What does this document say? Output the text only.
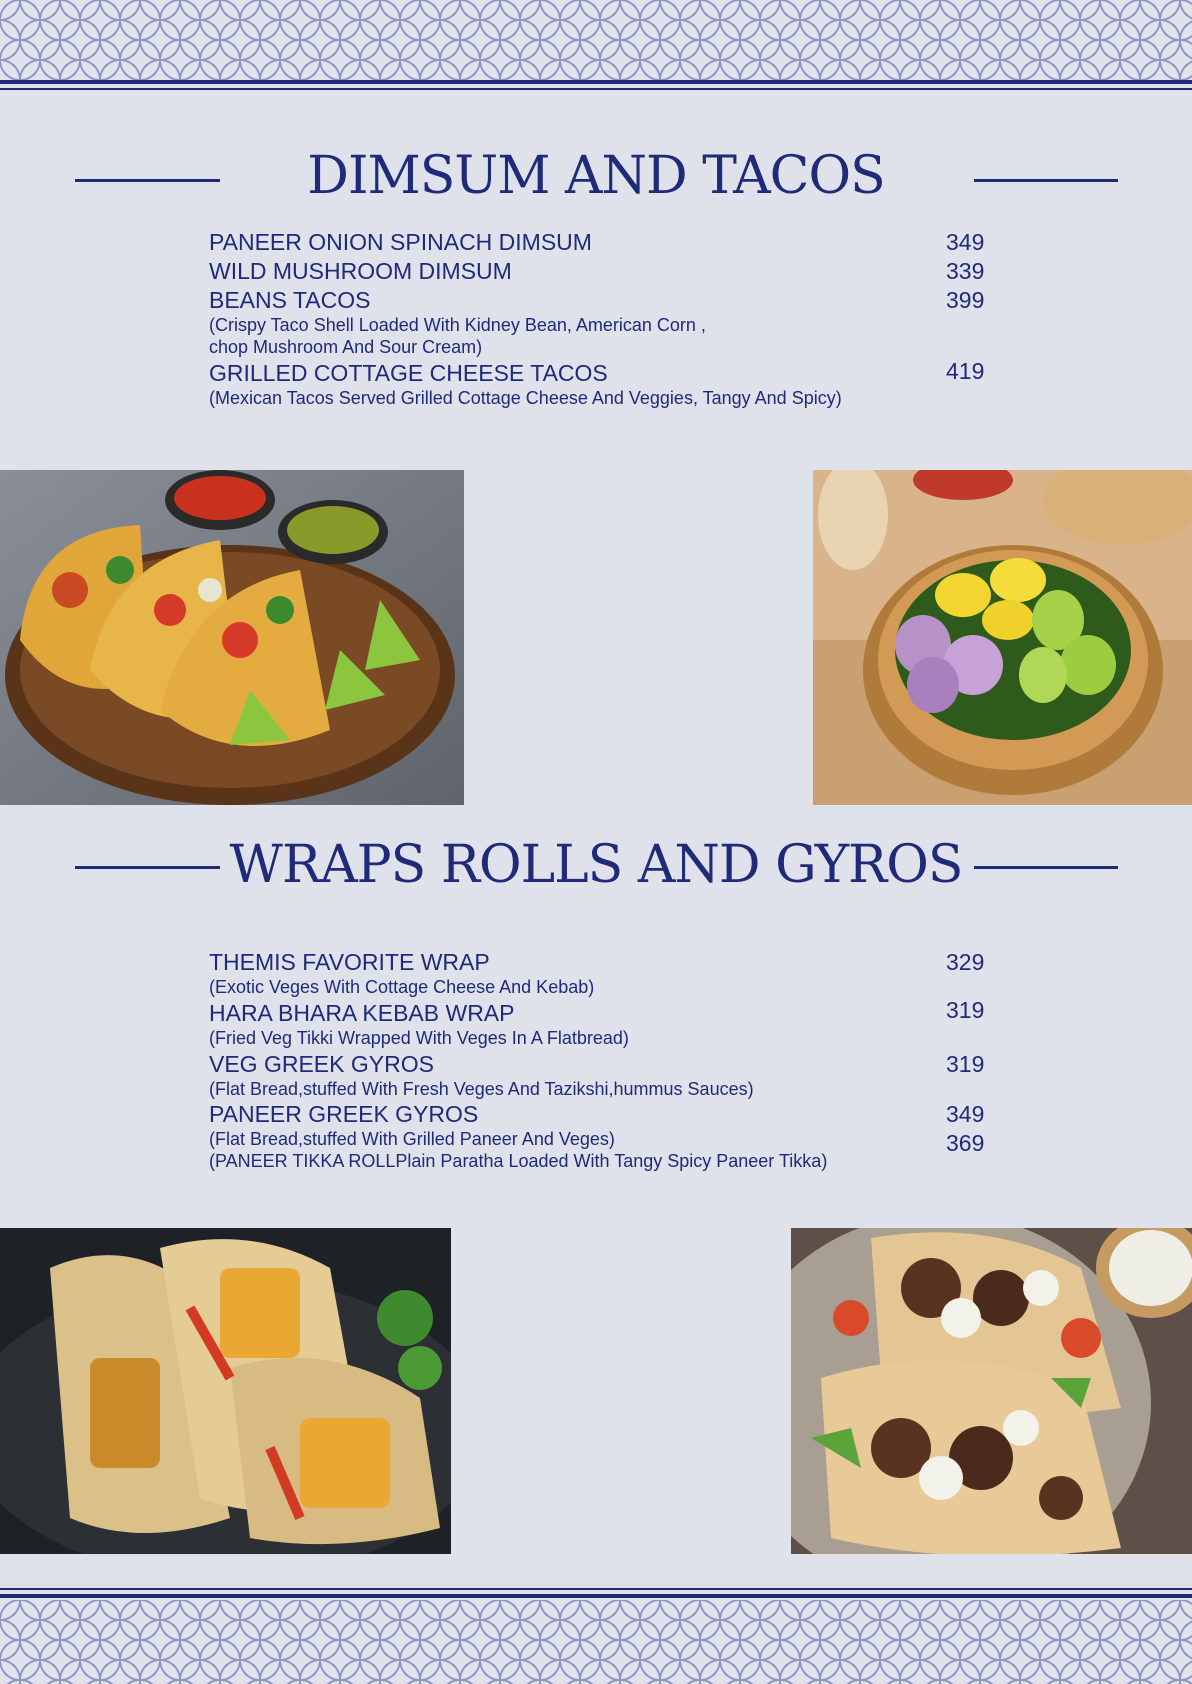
DIMSUM AND TACOS
PANEER ONION SPINACH DIMSUM
WILD MUSHROOM DIMSUM
BEANS TACOS
(Crispy Taco Shell Loaded With Kidney Bean, American Corn ,
chop Mushroom And Sour Cream)
GRILLED COTTAGE CHEESE TACOS
(Mexican Tacos Served Grilled Cottage Cheese And Veggies, Tangy And Spicy)
349
339
399
419
WRAPS ROLLS AND GYROS
THEMIS FAVORITE WRAP
(Exotic Veges With Cottage Cheese And Kebab)
HARA BHARA KEBAB WRAP
(Fried Veg Tikki Wrapped With Veges In A Flatbread)
VEG GREEK GYROS
(Flat Bread,stuffed With Fresh Veges And Tazikshi,hummus Sauces)
PANEER GREEK GYROS
(Flat Bread,stuffed With Grilled Paneer And Veges)
(PANEER TIKKA ROLLPlain Paratha Loaded With Tangy Spicy Paneer Tikka)
329
319
319
349
369
